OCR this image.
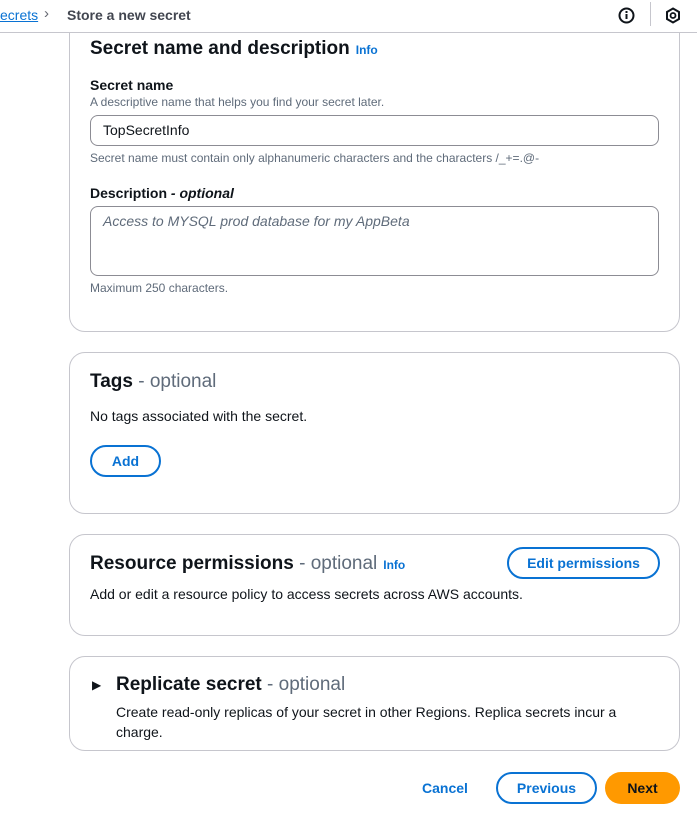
ecrets › Store a new secret
Secret name and description Info
Secret name
A descriptive name that helps you find your secret later.
TopSecretInfo
Secret name must contain only alphanumeric characters and the characters /_+=.@-
Description - optional
Access to MYSQL prod database for my AppBeta
Maximum 250 characters.
Tags - optional
No tags associated with the secret.
Add
Resource permissions - optional Info	Edit permissions
Add or edit a resource policy to access secrets across AWS accounts.
▶ Replicate secret - optional
Create read-only replicas of your secret in other Regions. Replica secrets incur a charge.
Cancel	Previous	Next
